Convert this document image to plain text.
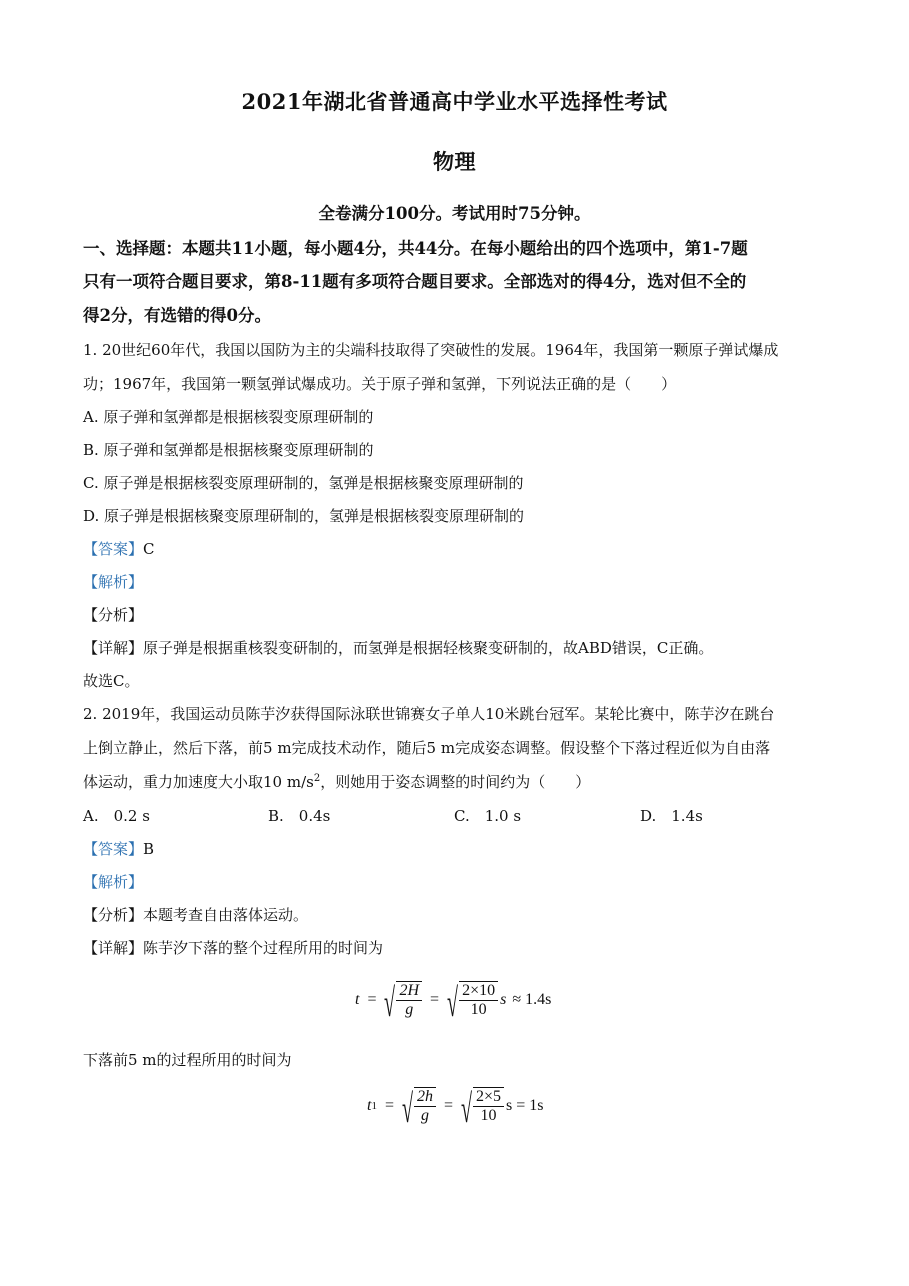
2021年湖北省普通高中学业水平选择性考试
物理
全卷满分100分。考试用时75分钟。
一、选择题：本题共11小题，每小题4分，共44分。在每小题给出的四个选项中，第1-7题
只有一项符合题目要求，第8-11题有多项符合题目要求。全部选对的得4分，选对但不全的
得2分，有选错的得0分。
1. 20世纪60年代，我国以国防为主的尖端科技取得了突破性的发展。1964年，我国第一颗原子弹试爆成
功；1967年，我国第一颗氢弹试爆成功。关于原子弹和氢弹，下列说法正确的是（　　）
A. 原子弹和氢弹都是根据核裂变原理研制的
B. 原子弹和氢弹都是根据核聚变原理研制的
C. 原子弹是根据核裂变原理研制的，氢弹是根据核聚变原理研制的
D. 原子弹是根据核聚变原理研制的，氢弹是根据核裂变原理研制的
【答案】C
【解析】
【分析】
【详解】原子弹是根据重核裂变研制的，而氢弹是根据轻核聚变研制的，故ABD错误，C正确。
故选C。
2. 2019年，我国运动员陈芋汐获得国际泳联世锦赛女子单人10米跳台冠军。某轮比赛中，陈芋汐在跳台
上倒立静止，然后下落，前5 m完成技术动作，随后5 m完成姿态调整。假设整个下落过程近似为自由落
体运动，重力加速度大小取10 $m/s^2$，则她用于姿态调整的时间约为（　　）
A.　0.2 s	B.　0.4s	C.　1.0 s	D.　1.4s
【答案】B
【解析】
【分析】本题考查自由落体运动。
【详解】陈芋汐下落的整个过程所用的时间为
t = √ $\frac{2H}{g}$ = √ $\frac{2\times 10}{10}$ s ≈ 1.4s
下落前5 m的过程所用的时间为
t 1 = √ $\frac{2h}{g}$ = √ $\frac{2\times 5}{10}$ s = 1s
